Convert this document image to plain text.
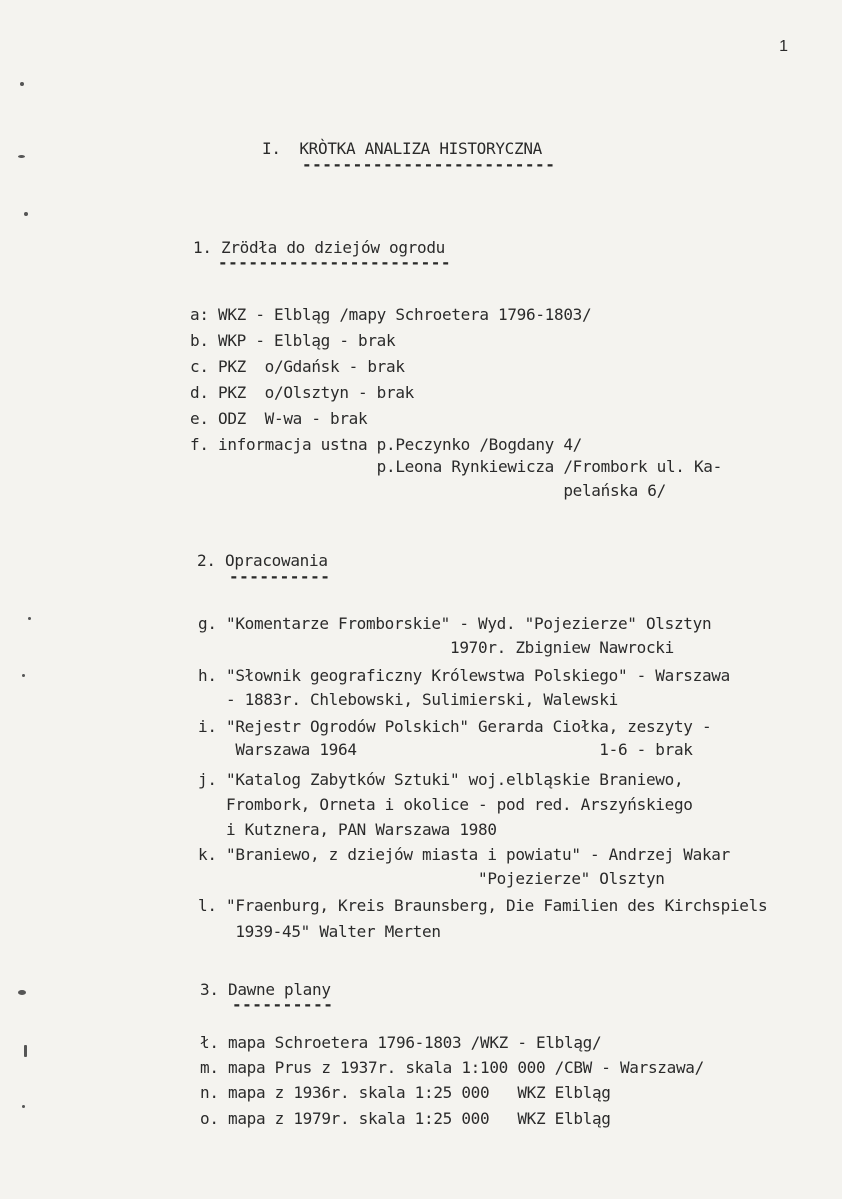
1
I.  KRÒTKA ANALIZA HISTORYCZNA
-------------------------
1. Zrödła do dziejów ogrodu
-----------------------
a: WKZ - Elbląg /mapy Schroetera 1796-1803/
b. WKP - Elbląg - brak
c. PKZ  o/Gdańsk - brak
d. PKZ  o/Olsztyn - brak
e. ODZ  W-wa - brak
f. informacja ustna p.Peczynko /Bogdany 4/
p.Leona Rynkiewicza /Frombork ul. Ka-
pelańska 6/
2. Opracowania
----------
g. "Komentarze Fromborskie" - Wyd. "Pojezierze" Olsztyn
1970r. Zbigniew Nawrocki
h. "Słownik geograficzny Królewstwa Polskiego" - Warszawa
- 1883r. Chlebowski, Sulimierski, Walewski
i. "Rejestr Ogrodów Polskich" Gerarda Ciołka, zeszyty -
Warszawa 1964                          1-6 - brak
j. "Katalog Zabytków Sztuki" woj.elbląskie Braniewo,
Frombork, Orneta i okolice - pod red. Arszyńskiego
i Kutznera, PAN Warszawa 1980
k. "Braniewo, z dziejów miasta i powiatu" - Andrzej Wakar
"Pojezierze" Olsztyn
l. "Fraenburg, Kreis Braunsberg, Die Familien des Kirchspiels
1939-45" Walter Merten
3. Dawne plany
----------
ł. mapa Schroetera 1796-1803 /WKZ - Elbląg/
m. mapa Prus z 1937r. skala 1:100 000 /CBW - Warszawa/
n. mapa z 1936r. skala 1:25 000   WKZ Elbląg
o. mapa z 1979r. skala 1:25 000   WKZ Elbląg
